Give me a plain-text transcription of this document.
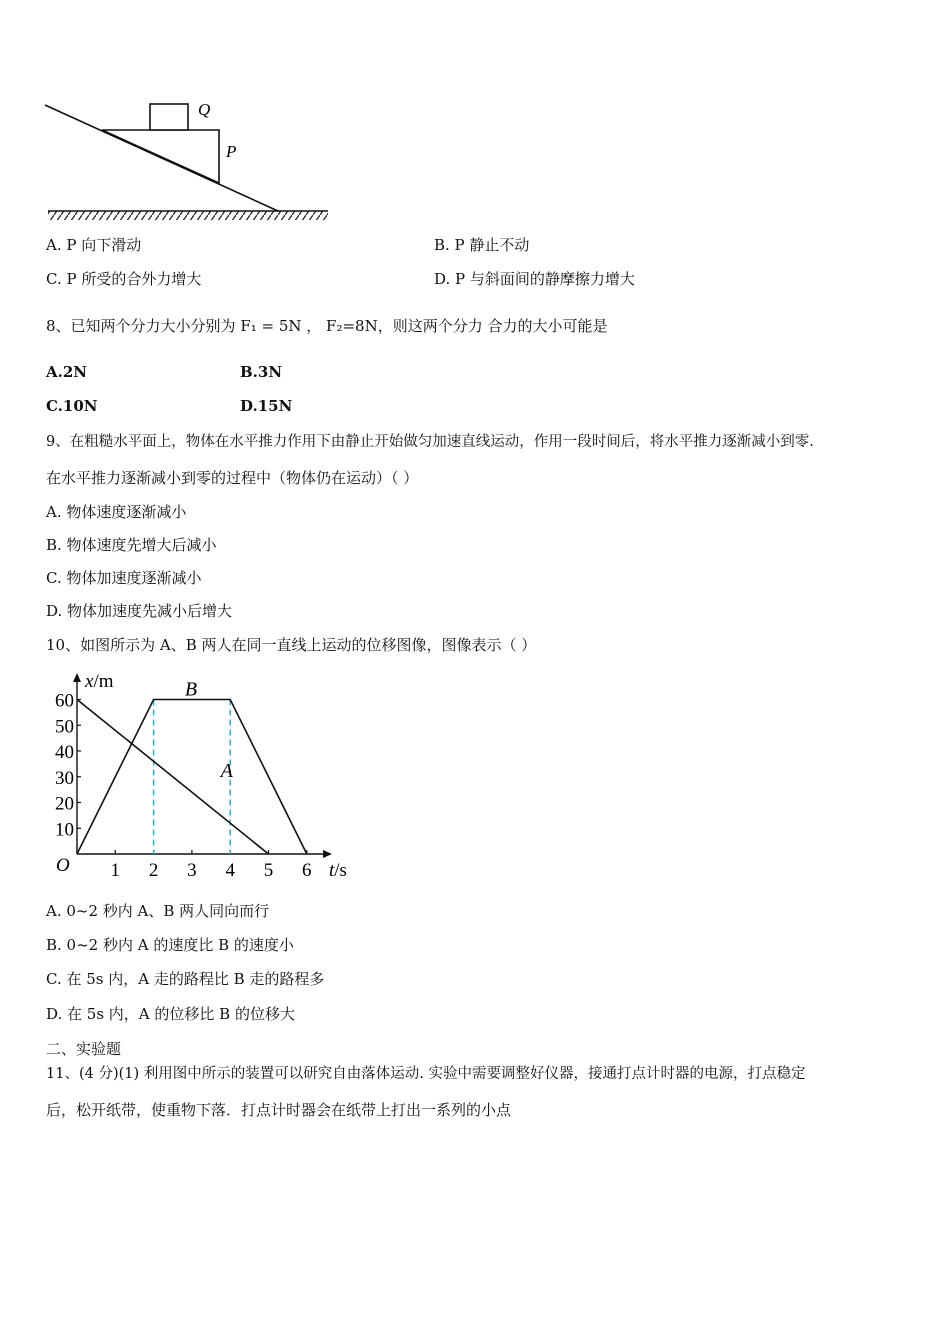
Q
P
A. P 向下滑动	B. P 静止不动
C. P 所受的合外力增大	D. P 与斜面间的静摩擦力增大
8、已知两个分力大小分别为 F₁ = 5N ， F₂=8N，则这两个分力 合力的大小可能是
A.2N	B.3N
C.10N	D.15N
9、在粗糙水平面上，物体在水平推力作用下由静止开始做匀加速直线运动，作用一段时间后，将水平推力逐渐减小到零.
在水平推力逐渐减小到零的过程中（物体仍在运动）（ ）
A. 物体速度逐渐减小
B. 物体速度先增大后减小
C. 物体加速度逐渐减小
D. 物体加速度先减小后增大
10、如图所示为 A、B 两人在同一直线上运动的位移图像，图像表示（ ）
1 2 3 4 5 6
10
20
30
40
50
60
O
x/m
t/s
A
B
A. 0~2 秒内 A、B 两人同向而行
B. 0~2 秒内 A 的速度比 B 的速度小
C. 在 5s 内，A 走的路程比 B 走的路程多
D. 在 5s 内，A 的位移比 B 的位移大
二、实验题
11、(4 分)(1) 利用图中所示的装置可以研究自由落体运动. 实验中需要调整好仪器，接通打点计时器的电源，打点稳定
后，松开纸带，使重物下落．打点计时器会在纸带上打出一系列的小点
